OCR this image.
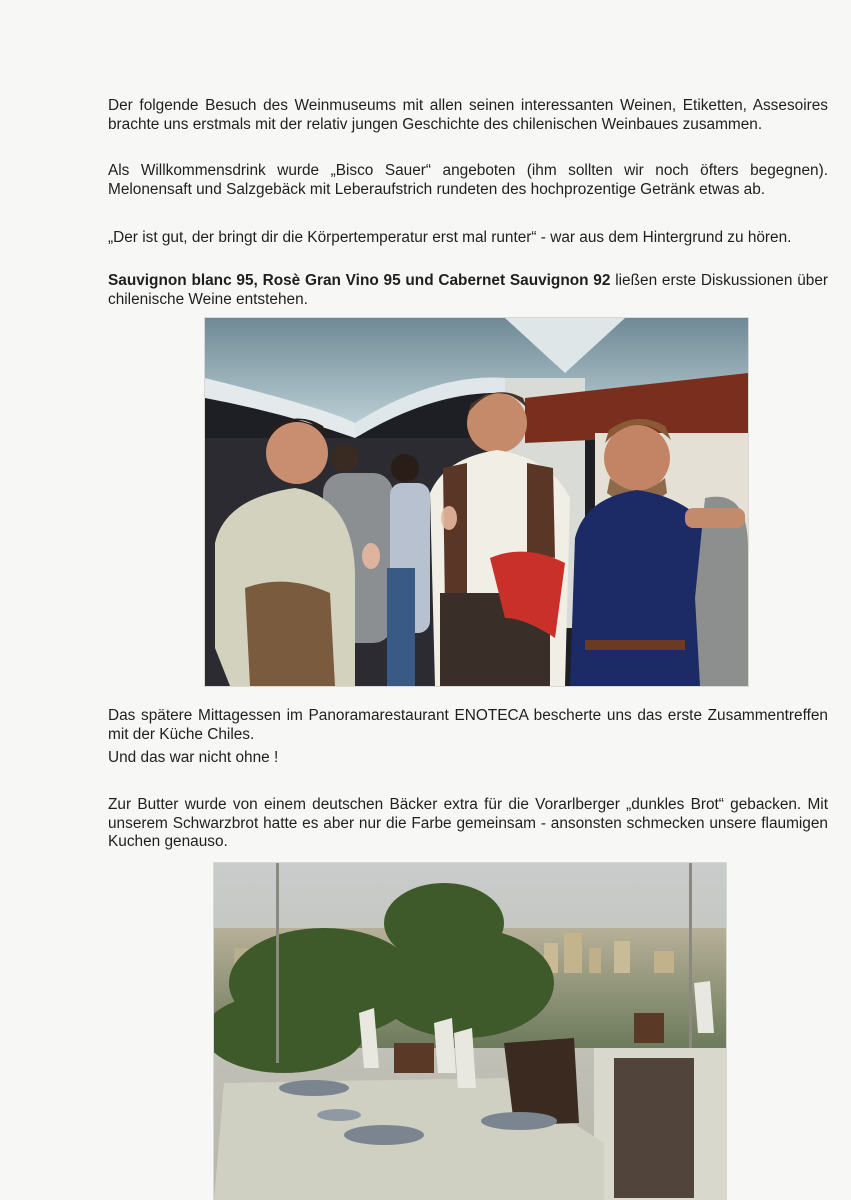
Der folgende Besuch des Weinmuseums mit allen seinen interessanten Weinen, Etiketten, Assesoires brachte uns erstmals mit der relativ jungen Geschichte des chilenischen Weinbaues zusammen.

Als Willkommensdrink wurde „Bisco Sauer“ angeboten (ihm sollten wir noch öfters begegnen). Melonensaft und Salzgebäck mit Leberaufstrich rundeten des hochprozentige Getränk etwas ab.

„Der ist gut, der bringt dir die Körpertemperatur erst mal runter“ - war aus dem Hintergrund zu hören.

Sauvignon blanc 95, Rosè Gran Vino 95 und Cabernet Sauvignon 92 ließen erste Diskussionen über chilenische Weine entstehen.

Das spätere Mittagessen im Panoramarestaurant ENOTECA bescherte uns das erste Zusammentreffen mit der Küche Chiles.

Und das war nicht ohne !

Zur Butter wurde von einem deutschen Bäcker extra für die Vorarlberger „dunkles Brot“ gebacken. Mit unserem Schwarzbrot hatte es aber nur die Farbe gemeinsam - ansonsten schmecken unsere flaumigen Kuchen genauso.
